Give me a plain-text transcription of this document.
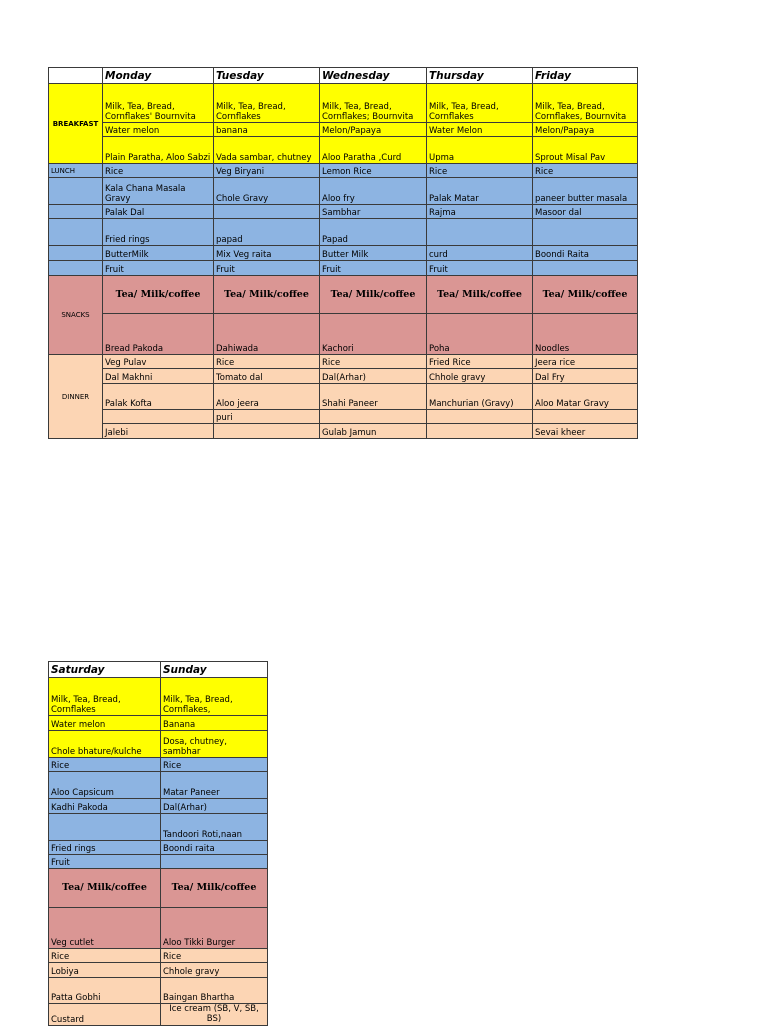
	Monday	Tuesday	Wednesday	Thursday	Friday
BREAKFAST	Milk, Tea, Bread, Cornflakes' Bournvita	Milk, Tea, Bread, Cornflakes	Milk, Tea, Bread, Cornflakes; Bournvita	Milk, Tea, Bread, Cornflakes	Milk, Tea, Bread, Cornflakes, Bournvita
	Water melon	banana	Melon/Papaya	Water Melon	Melon/Papaya
	Plain Paratha, Aloo Sabzi	Vada sambar, chutney	Aloo Paratha ,Curd	Upma	Sprout Misal Pav
LUNCH	Rice	Veg Biryani	Lemon Rice	Rice	Rice
	Kala Chana Masala Gravy	Chole Gravy	Aloo fry	Palak Matar	paneer butter masala
	Palak Dal		Sambhar	Rajma	Masoor dal
	Fried rings	papad	Papad		
	ButterMilk	Mix Veg raita	Butter Milk	curd	Boondi Raita
	Fruit	Fruit	Fruit	Fruit	
SNACKS	Tea/ Milk/coffee	Tea/ Milk/coffee	Tea/ Milk/coffee	Tea/ Milk/coffee	Tea/ Milk/coffee
	Bread Pakoda	Dahiwada	Kachori	Poha	Noodles
DINNER	Veg Pulav	Rice	Rice	Fried Rice	Jeera rice
	Dal Makhni	Tomato dal	Dal(Arhar)	Chhole gravy	Dal Fry
	Palak Kofta	Aloo jeera	Shahi Paneer	Manchurian (Gravy)	Aloo Matar Gravy
		puri			
	Jalebi		Gulab Jamun		Sevai kheer
Saturday	Sunday
Milk, Tea, Bread, Cornflakes	Milk, Tea, Bread, Cornflakes,
Water melon	Banana
Chole bhature/kulche	Dosa, chutney, sambhar
Rice	Rice
Aloo Capsicum	Matar Paneer
Kadhi Pakoda	Dal(Arhar)
	Tandoori Roti,naan
Fried rings	Boondi raita
Fruit	
Tea/ Milk/coffee	Tea/ Milk/coffee
Veg cutlet	Aloo Tikki Burger
Rice	Rice
Lobiya	Chhole gravy
Patta Gobhi	Baingan Bhartha
Custard	Ice cream (SB, V, SB, BS)
